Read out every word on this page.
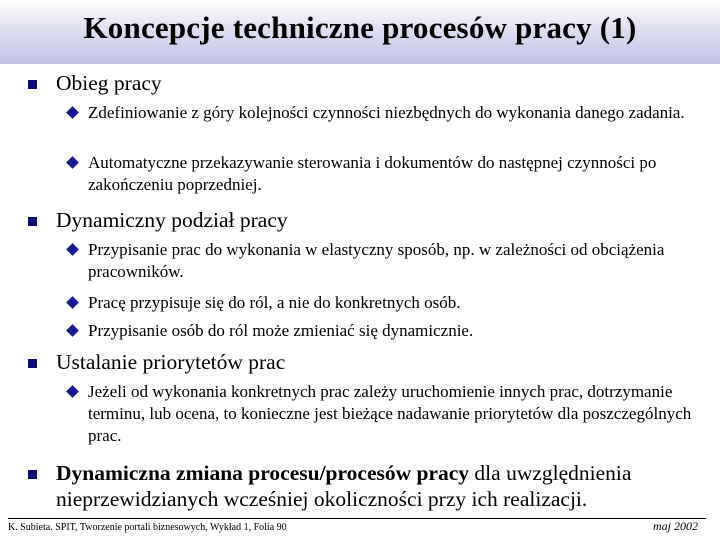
Koncepcje techniczne procesów pracy (1)
Obieg pracy
Zdefiniowanie z góry kolejności czynności niezbędnych do wykonania danego zadania.
Automatyczne przekazywanie sterowania i dokumentów do następnej czynności po zakończeniu poprzedniej.
Dynamiczny podział pracy
Przypisanie prac do wykonania w elastyczny sposób, np. w zależności od obciążenia pracowników.
Pracę przypisuje się do ról, a nie do konkretnych osób.
Przypisanie osób do ról może zmieniać się dynamicznie.
Ustalanie priorytetów prac
Jeżeli od wykonania konkretnych prac zależy uruchomienie innych prac, dotrzymanie terminu, lub ocena, to konieczne jest bieżące nadawanie priorytetów dla poszczególnych prac.
Dynamiczna zmiana procesu/procesów pracy dla uwzględnienia nieprzewidzianych wcześniej okoliczności przy ich realizacji.
K. Subieta. SPIT, Tworzenie portali biznesowych, Wykład 1, Folia 90	maj 2002
